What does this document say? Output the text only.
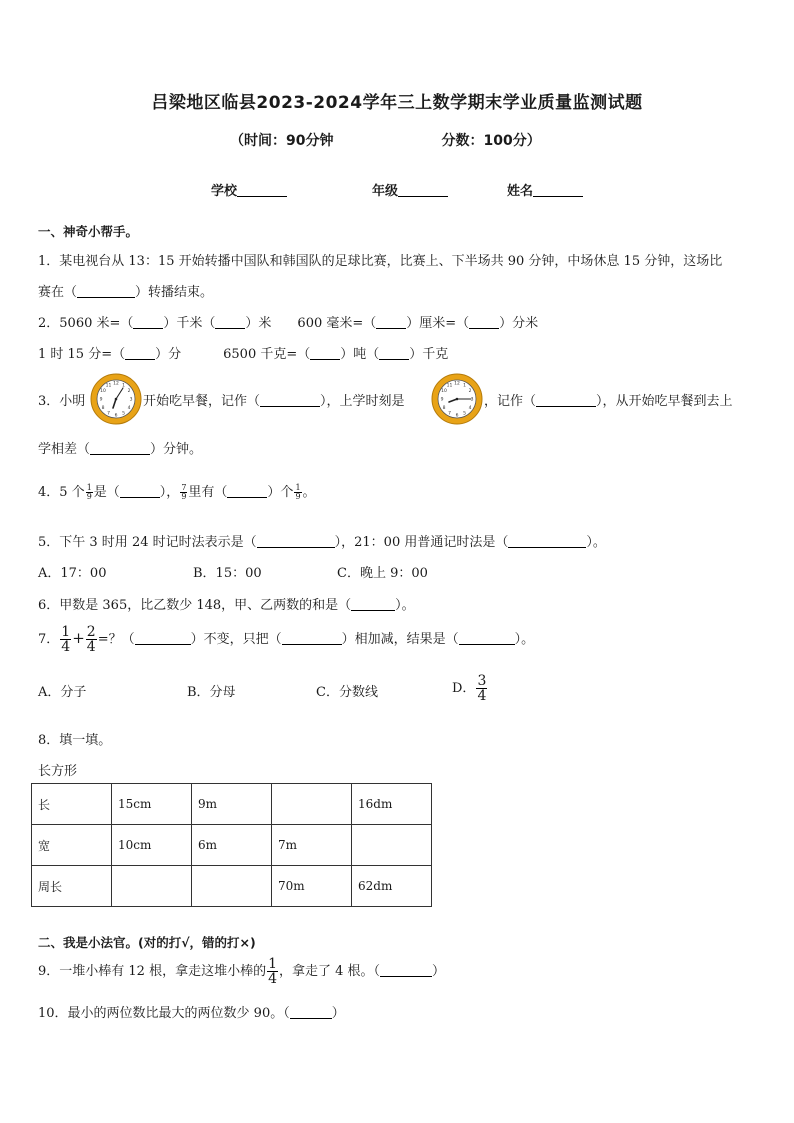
吕梁地区临县2023-2024学年三上数学期末学业质量监测试题
（时间：90分钟	分数：100分）
学校	年级	姓名
一、神奇小帮手。
1．某电视台从 13：15 开始转播中国队和韩国队的足球比赛，比赛上、下半场共 90 分钟，中场休息 15 分钟，这场比
赛在（	）转播结束。
2．5060 米=（ ）千米（ ）米 600 毫米=（ ）厘米=（ ）分米
1 时 15 分=（ ）分	6500 千克=（ ）吨（ ）千克
12 1
2
3
4
5
6
7
8
9
10
11	12 1
2
3
4
5
6
7
8
9
10
11
3．小明	开始吃早餐，记作（	），上学时刻是	，记作（	），从开始吃早餐到去上
学相差（	）分钟。
4．5 个 $\frac{1}{9}$ 是（	）， $\frac{7}{9}$ 里有（	）个 $\frac{1}{9}$ 。
5．下午 3 时用 24 时记时法表示是（	），21：00 用普通记时法是（	）。
A．17：00	B．15：00	C．晚上 9：00
6．甲数是 365，比乙数少 148，甲、乙两数的和是（	）。
7． $\frac{1}{4} + \frac{2}{4}$ =？（	）不变，只把（	）相加减，结果是（	）。
A．分子	B．分母	C．分数线	D． $\frac{3}{4}$
8．填一填。
长方形
长	15cm	9m		16dm
宽	10cm	6m	7m	
周长			70m	62dm
二、我是小法官。(对的打√，错的打×)
9．一堆小棒有 12 根，拿走这堆小棒的 $\frac{1}{4}$ ，拿走了 4 根。（	）
10．最小的两位数比最大的两位数少 90。（	）
